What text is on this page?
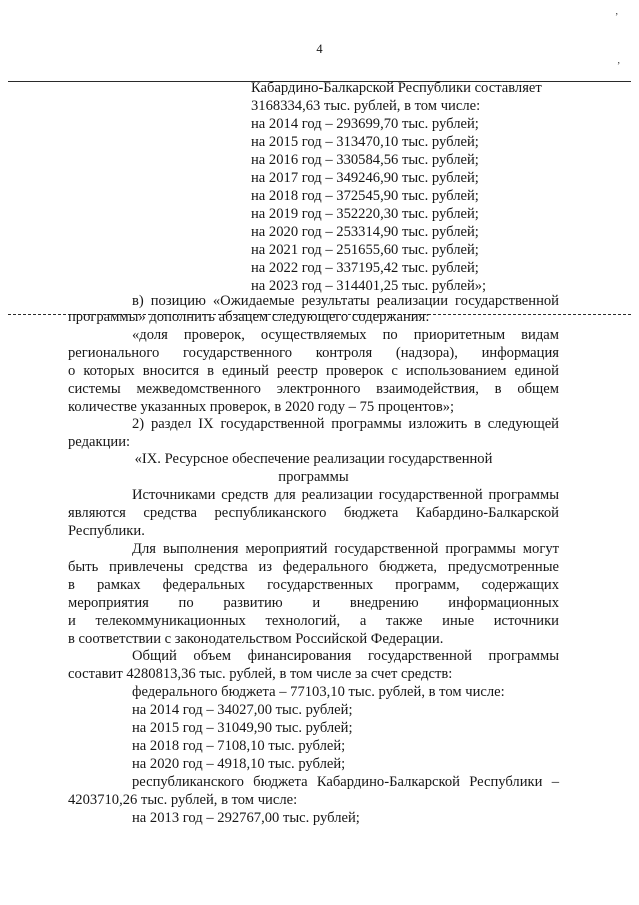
4
’
‚
Кабардино-Балкарской Республики составляет
3168334,63 тыс. рублей, в том числе:
на 2014 год – 293699,70 тыс. рублей;
на 2015 год – 313470,10 тыс. рублей;
на 2016 год – 330584,56 тыс. рублей;
на 2017 год – 349246,90 тыс. рублей;
на 2018 год – 372545,90 тыс. рублей;
на 2019 год – 352220,30 тыс. рублей;
на 2020 год – 253314,90 тыс. рублей;
на 2021 год – 251655,60 тыс. рублей;
на 2022 год – 337195,42 тыс. рублей;
на 2023 год – 314401,25 тыс. рублей»;
в) позицию «Ожидаемые результаты реализации государственной
программы» дополнить абзацем следующего содержания:
«доля проверок, осуществляемых по приоритетным видам
регионального государственного контроля (надзора), информация
о которых вносится в единый реестр проверок с использованием единой
системы межведомственного электронного взаимодействия, в общем
количестве указанных проверок, в 2020 году – 75 процентов»;
2) раздел IX государственной программы изложить в следующей
редакции:
«IX. Ресурсное обеспечение реализации государственной
программы
Источниками средств для реализации государственной программы
являются средства республиканского бюджета Кабардино-Балкарской
Республики.
Для выполнения мероприятий государственной программы могут
быть привлечены средства из федерального бюджета, предусмотренные
в рамках федеральных государственных программ, содержащих
мероприятия по развитию и внедрению информационных
и телекоммуникационных технологий, а также иные источники
в соответствии с законодательством Российской Федерации.
Общий объем финансирования государственной программы
составит 4280813,36 тыс. рублей, в том числе за счет средств:
федерального бюджета – 77103,10 тыс. рублей, в том числе:
на 2014 год – 34027,00 тыс. рублей;
на 2015 год – 31049,90 тыс. рублей;
на 2018 год – 7108,10 тыс. рублей;
на 2020 год – 4918,10 тыс. рублей;
республиканского бюджета Кабардино-Балкарской Республики –
4203710,26 тыс. рублей, в том числе:
на 2013 год – 292767,00 тыс. рублей;
